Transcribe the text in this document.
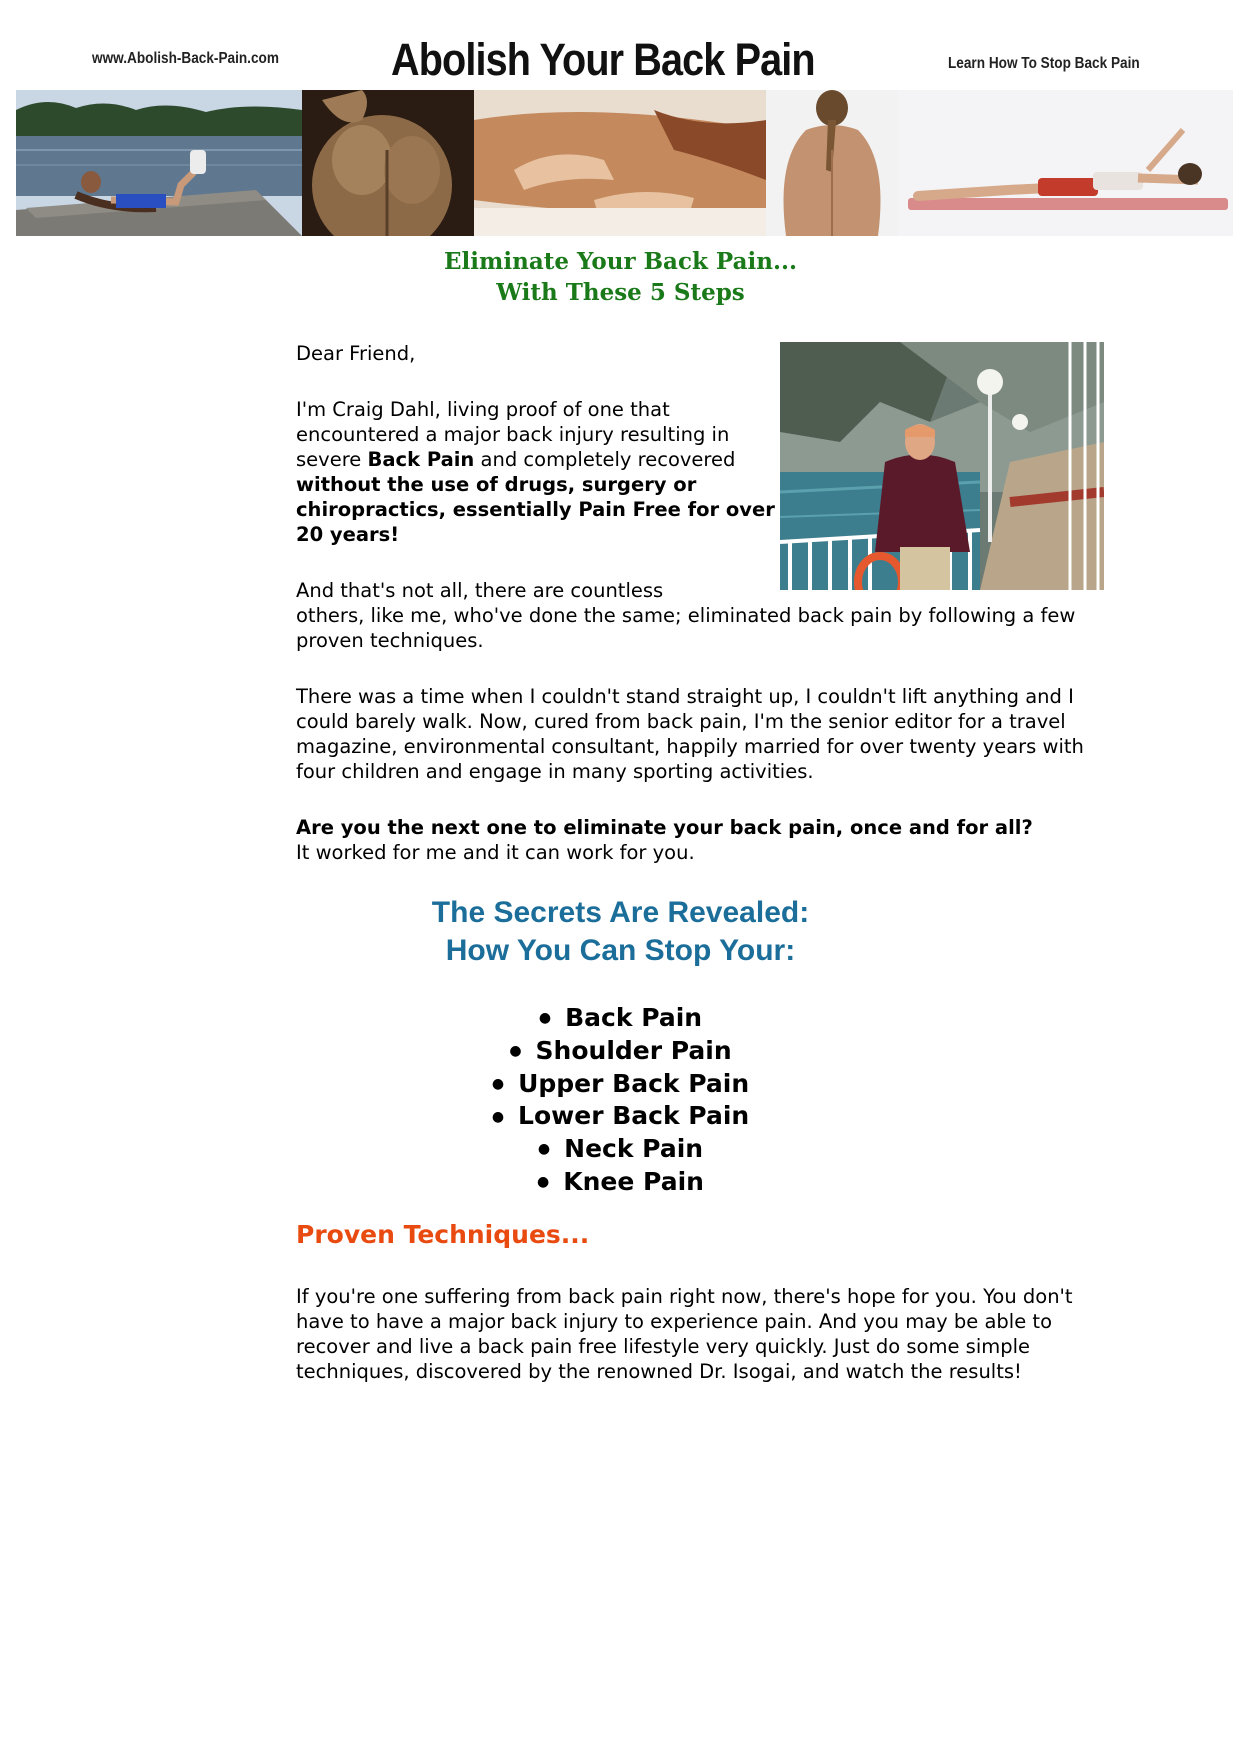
www.Abolish-Back-Pain.com Abolish Your Back Pain	Learn How To Stop Back Pain
Eliminate Your Back Pain...
With These 5 Steps

Dear Friend,

I'm Craig Dahl, living proof of one that encountered a major back injury resulting in severe Back Pain and completely recovered without the use of drugs, surgery or chiropractics, essentially Pain Free for over 20 years!

And that's not all, there are countless
others, like me, who've done the same; eliminated back pain by following a few proven techniques.

There was a time when I couldn't stand straight up, I couldn't lift anything and I could barely walk. Now, cured from back pain, I'm the senior editor for a travel magazine, environmental consultant, happily married for over twenty years with four children and engage in many sporting activities.

Are you the next one to eliminate your back pain, once and for all?
It worked for me and it can work for you.

The Secrets Are Revealed:
How You Can Stop Your:
● Back Pain
● Shoulder Pain
● Upper Back Pain
● Lower Back Pain
● Neck Pain
● Knee Pain
Proven Techniques...

If you're one suffering from back pain right now, there's hope for you. You don't have to have a major back injury to experience pain. And you may be able to recover and live a back pain free lifestyle very quickly. Just do some simple techniques, discovered by the renowned Dr. Isogai, and watch the results!
